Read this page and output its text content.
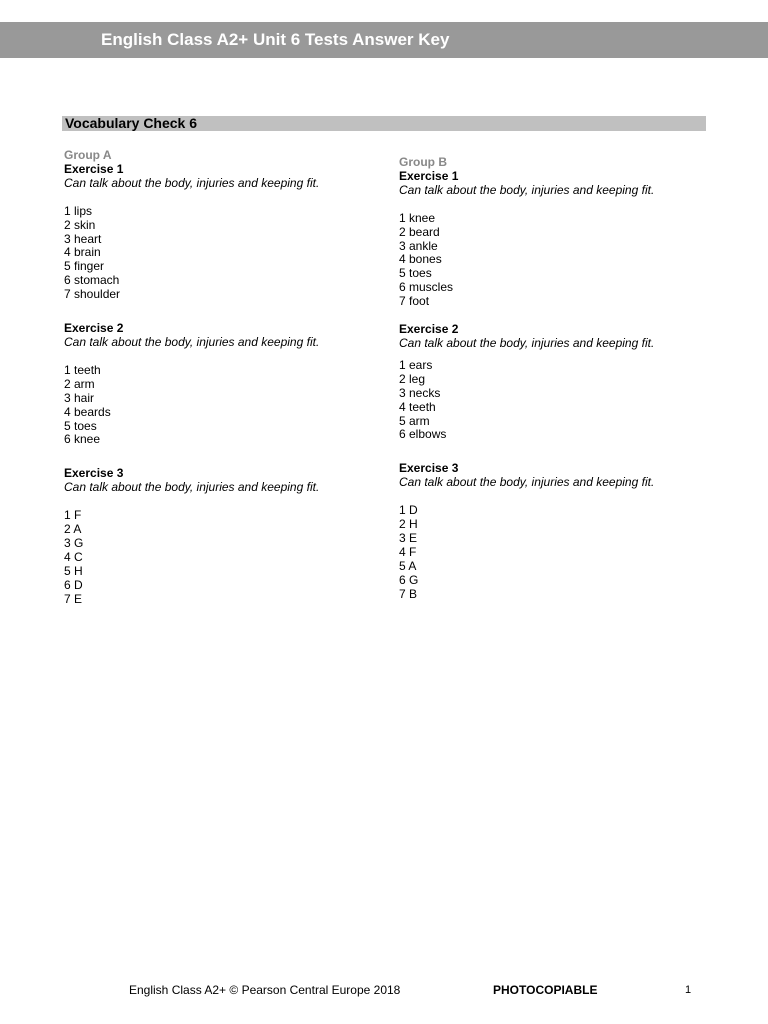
English Class A2+ Unit 6 Tests Answer Key
Vocabulary Check 6
Group A
Exercise 1
Can talk about the body, injuries and keeping fit.
1 lips
2 skin
3 heart
4 brain
5 finger
6 stomach
7 shoulder
Exercise 2
Can talk about the body, injuries and keeping fit.
1 teeth
2 arm
3 hair
4 beards
5 toes
6 knee
Exercise 3
Can talk about the body, injuries and keeping fit.
1 F
2 A
3 G
4 C
5 H
6 D
7 E
Group B
Exercise 1
Can talk about the body, injuries and keeping fit.
1 knee
2 beard
3 ankle
4 bones
5 toes
6 muscles
7 foot
Exercise 2
Can talk about the body, injuries and keeping fit.
1 ears
2 leg
3 necks
4 teeth
5 arm
6 elbows
Exercise 3
Can talk about the body, injuries and keeping fit.
1 D
2 H
3 E
4 F
5 A
6 G
7 B
English Class A2+ © Pearson Central Europe 2018	PHOTOCOPIABLE	1
